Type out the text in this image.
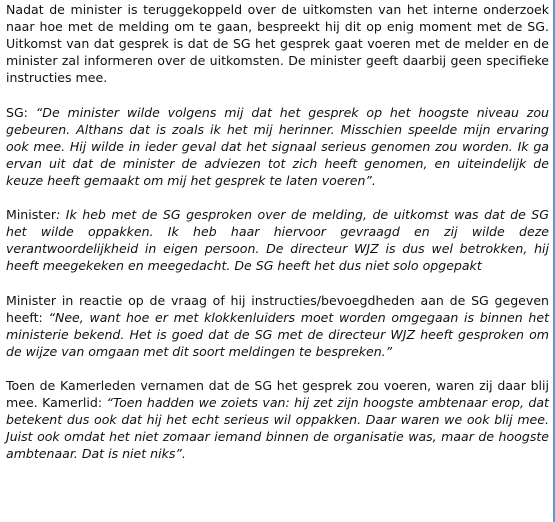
Nadat de minister is teruggekoppeld over de uitkomsten van het interne onderzoek naar hoe met de melding om te gaan, bespreekt hij dit op enig moment met de SG. Uitkomst van dat gesprek is dat de SG het gesprek gaat voeren met de melder en de minister zal informeren over de uitkomsten. De minister geeft daarbij geen specifieke instructies mee.

SG: “De minister wilde volgens mij dat het gesprek op het hoogste niveau zou gebeuren. Althans dat is zoals ik het mij herinner. Misschien speelde mijn ervaring ook mee. Hij wilde in ieder geval dat het signaal serieus genomen zou worden. Ik ga ervan uit dat de minister de adviezen tot zich heeft genomen, en uiteindelijk de keuze heeft gemaakt om mij het gesprek te laten voeren”.

Minister: Ik heb met de SG gesproken over de melding, de uitkomst was dat de SG het wilde oppakken. Ik heb haar hiervoor gevraagd en zij wilde deze verantwoordelijkheid in eigen persoon. De directeur WJZ is dus wel betrokken, hij heeft meegekeken en meegedacht. De SG heeft het dus niet solo opgepakt

Minister in reactie op de vraag of hij instructies/bevoegdheden aan de SG gegeven heeft: “Nee, want hoe er met klokkenluiders moet worden omgegaan is binnen het ministerie bekend. Het is goed dat de SG met de directeur WJZ heeft gesproken om de wijze van omgaan met dit soort meldingen te bespreken.”

Toen de Kamerleden vernamen dat de SG het gesprek zou voeren, waren zij daar blij mee. Kamerlid: “Toen hadden we zoiets van: hij zet zijn hoogste ambtenaar erop, dat betekent dus ook dat hij het echt serieus wil oppakken. Daar waren we ook blij mee. Juist ook omdat het niet zomaar iemand binnen de organisatie was, maar de hoogste ambtenaar. Dat is niet niks”.
